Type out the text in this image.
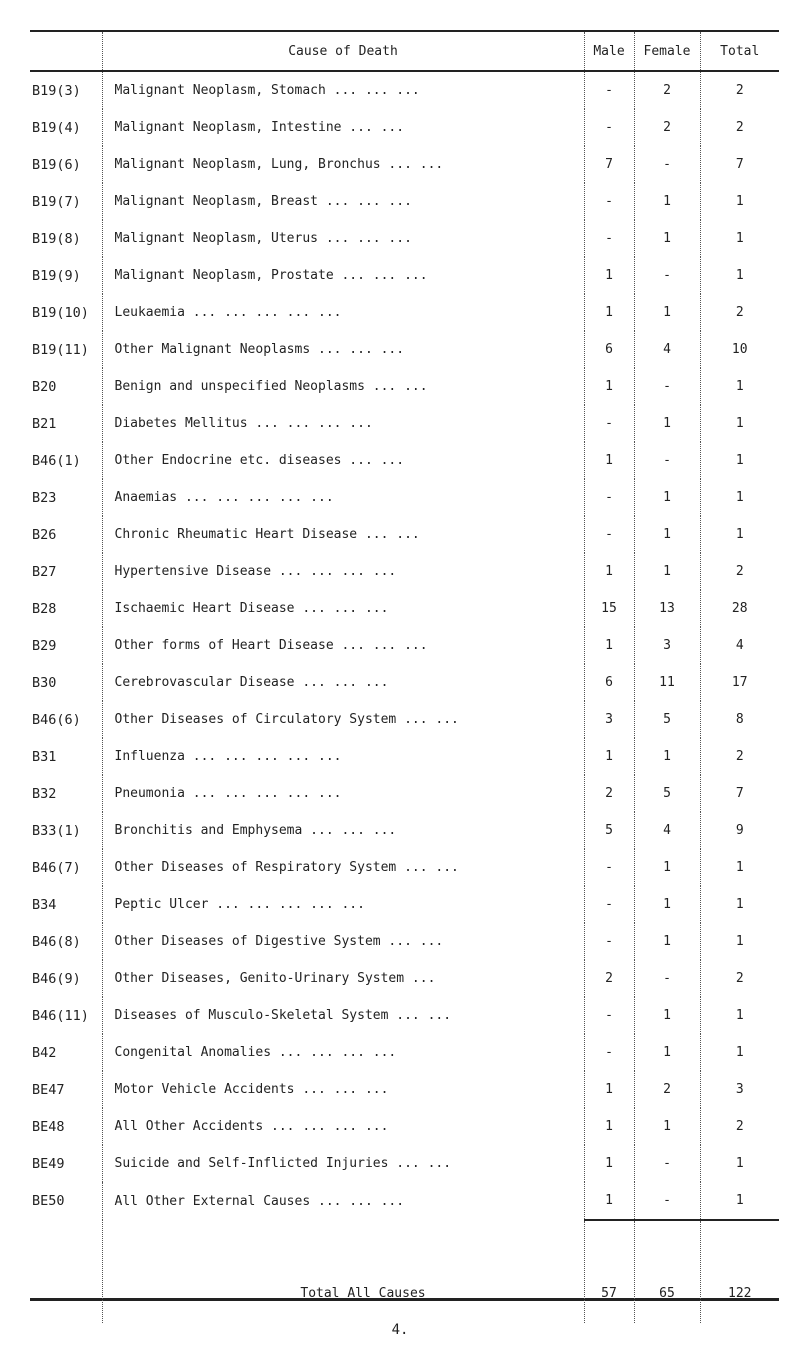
	Cause of Death	Male	Female	Total
B19(3)	Malignant Neoplasm, Stomach ... ... ...	-	2	2
B19(4)	Malignant Neoplasm, Intestine ... ...	-	2	2
B19(6)	Malignant Neoplasm, Lung, Bronchus ... ...	7	-	7
B19(7)	Malignant Neoplasm, Breast ... ... ...	-	1	1
B19(8)	Malignant Neoplasm, Uterus ... ... ...	-	1	1
B19(9)	Malignant Neoplasm, Prostate ... ... ...	1	-	1
B19(10)	Leukaemia ... ... ... ... ...	1	1	2
B19(11)	Other Malignant Neoplasms ... ... ...	6	4	10
B20	Benign and unspecified Neoplasms ... ...	1	-	1
B21	Diabetes Mellitus ... ... ... ...	-	1	1
B46(1)	Other Endocrine etc. diseases ... ...	1	-	1
B23	Anaemias ... ... ... ... ...	-	1	1
B26	Chronic Rheumatic Heart Disease ... ...	-	1	1
B27	Hypertensive Disease ... ... ... ...	1	1	2
B28	Ischaemic Heart Disease ... ... ...	15	13	28
B29	Other forms of Heart Disease ... ... ...	1	3	4
B30	Cerebrovascular Disease ... ... ...	6	11	17
B46(6)	Other Diseases of Circulatory System ... ...	3	5	8
B31	Influenza ... ... ... ... ...	1	1	2
B32	Pneumonia ... ... ... ... ...	2	5	7
B33(1)	Bronchitis and Emphysema ... ... ...	5	4	9
B46(7)	Other Diseases of Respiratory System ... ...	-	1	1
B34	Peptic Ulcer ... ... ... ... ...	-	1	1
B46(8)	Other Diseases of Digestive System ... ...	-	1	1
B46(9)	Other Diseases, Genito-Urinary System ...	2	-	2
B46(11)	Diseases of Musculo-Skeletal System ... ...	-	1	1
B42	Congenital Anomalies ... ... ... ...	-	1	1
BE47	Motor Vehicle Accidents ... ... ...	1	2	3
BE48	All Other Accidents ... ... ... ...	1	1	2
BE49	Suicide and Self-Inflicted Injuries ... ...	1	-	1
BE50	All Other External Causes ... ... ...	1	-	1
	Total All Causes	57	65	122
4.
